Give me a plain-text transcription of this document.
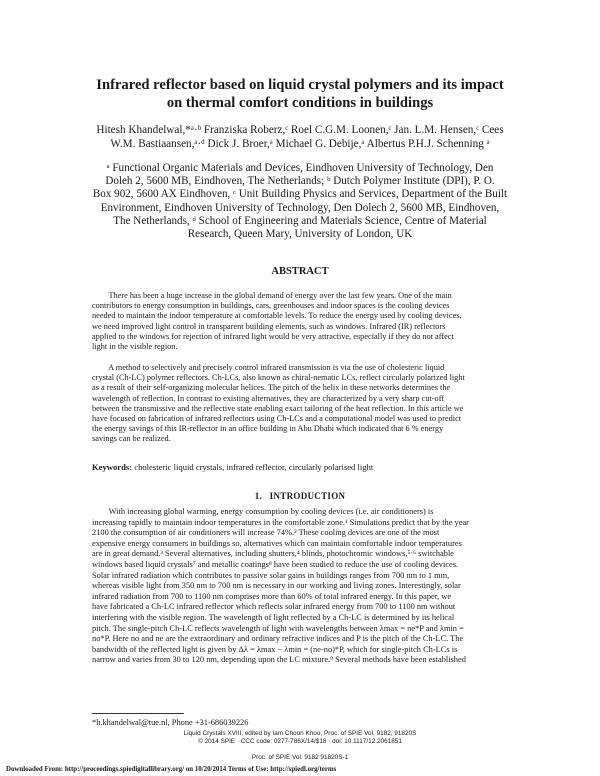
Infrared reflector based on liquid crystal polymers and its impact
on thermal comfort conditions in buildings
Hitesh Khandelwal,*ᵃ·ᵇ Franziska Roberz,ᶜ Roel C.G.M. Loonen,ᶜ Jan. L.M. Hensen,ᶜ Cees
W.M. Bastiaansen,ᵃ·ᵈ Dick J. Broer,ᵃ Michael G. Debije,ᵃ Albertus P.H.J. Schenning ᵃ
ᵃ Functional Organic Materials and Devices, Eindhoven University of Technology, Den
Doleh 2, 5600 MB, Eindhoven, The Netherlands; ᵇ Dutch Polymer Institute (DPI), P. O.
Box 902, 5600 AX Eindhoven, ᶜ Unit Building Physics and Services, Department of the Built
Environment, Eindhoven University of Technology, Den Dolech 2, 5600 MB, Eindhoven,
The Netherlands, ᵈ School of Engineering and Materials Science, Centre of Material
Research, Queen Mary, University of London, UK
ABSTRACT
There has been a huge increase in the global demand of energy over the last few years. One of the main
contributors to energy consumption in buildings, cars, greenhouses and indoor spaces is the cooling devices
needed to maintain the indoor temperature at comfortable levels. To reduce the energy used by cooling devices,
we need improved light control in transparent building elements, such as windows. Infrared (IR) reflectors
applied to the windows for rejection of infrared light would be very attractive, especially if they do not affect
light in the visible region.
A method to selectively and precisely control infrared transmission is via the use of cholesteric liquid
crystal (Ch-LC) polymer reflectors. Ch-LCs, also known as chiral-nematic LCs, reflect circularly polarized light
as a result of their self-organizing molecular helices. The pitch of the helix in these networks determines the
wavelength of reflection. In contrast to existing alternatives, they are characterized by a very sharp cut-off
between the transmissive and the reflective state enabling exact tailoring of the heat reflection. In this article we
have focused on fabrication of infrared reflectors using Ch-LCs and a computational model was used to predict
the energy savings of this IR-reflector in an office building in Abu Dhabi which indicated that 6 % energy
savings can be realized.
Keywords: cholesteric liquid crystals, infrared reflector, circularly polarised light
1.   INTRODUCTION
With increasing global warming, energy consumption by cooling devices (i.e. air conditioners) is
increasing rapidly to maintain indoor temperatures in the comfortable zone.¹ Simulations predict that by the year
2100 the consumption of air conditioners will increase 74%.² These cooling devices are one of the most
expensive energy consumers in buildings so, alternatives which can maintain comfortable indoor temperatures
are in great demand.³ Several alternatives, including shutters,⁴ blinds, photochromic windows,⁵·⁶ switchable
windows based liquid crystals⁷ and metallic coatings⁸ have been studied to reduce the use of cooling devices.
Solar infrared radiation which contributes to passive solar gains in buildings ranges from 700 nm to 1 mm,
whereas visible light from 350 nm to 700 nm is necessary in our working and living zones. Interestingly, solar
infrared radiation from 700 to 1100 nm comprises more than 60% of total infrared energy. In this paper, we
have fabricated a Ch-LC infrared reflector which reflects solar infrared energy from 700 to 1100 nm without
interfering with the visible region. The wavelength of light reflected by a Ch-LC is determined by its helical
pitch. The single-pitch Ch-LC reflects wavelength of light with wavelengths between λmax = ne*P and λmin =
no*P. Here no and ne are the extraordinary and ordinary refractive indices and P is the pitch of the Ch-LC. The
bandwidth of the reflected light is given by Δλ = λmax − λmin = (ne-no)*P, which for single-pitch Ch-LCs is
narrow and varies from 30 to 120 nm, depending upon the LC mixture.⁹ Several methods have been established
*h.khandelwal@tue.nl, Phone +31-686039226
Liquid Crystals XVIII, edited by Iam Choon Khoo, Proc. of SPIE Vol. 9182, 91820S
© 2014 SPIE · CCC code: 0277-786X/14/$18 · doi: 10.1117/12.2061851
Proc. of SPIE Vol. 9182 91820S-1
Downloaded From: http://proceedings.spiedigitallibrary.org/ on 10/20/2014 Terms of Use: http://spiedl.org/terms
